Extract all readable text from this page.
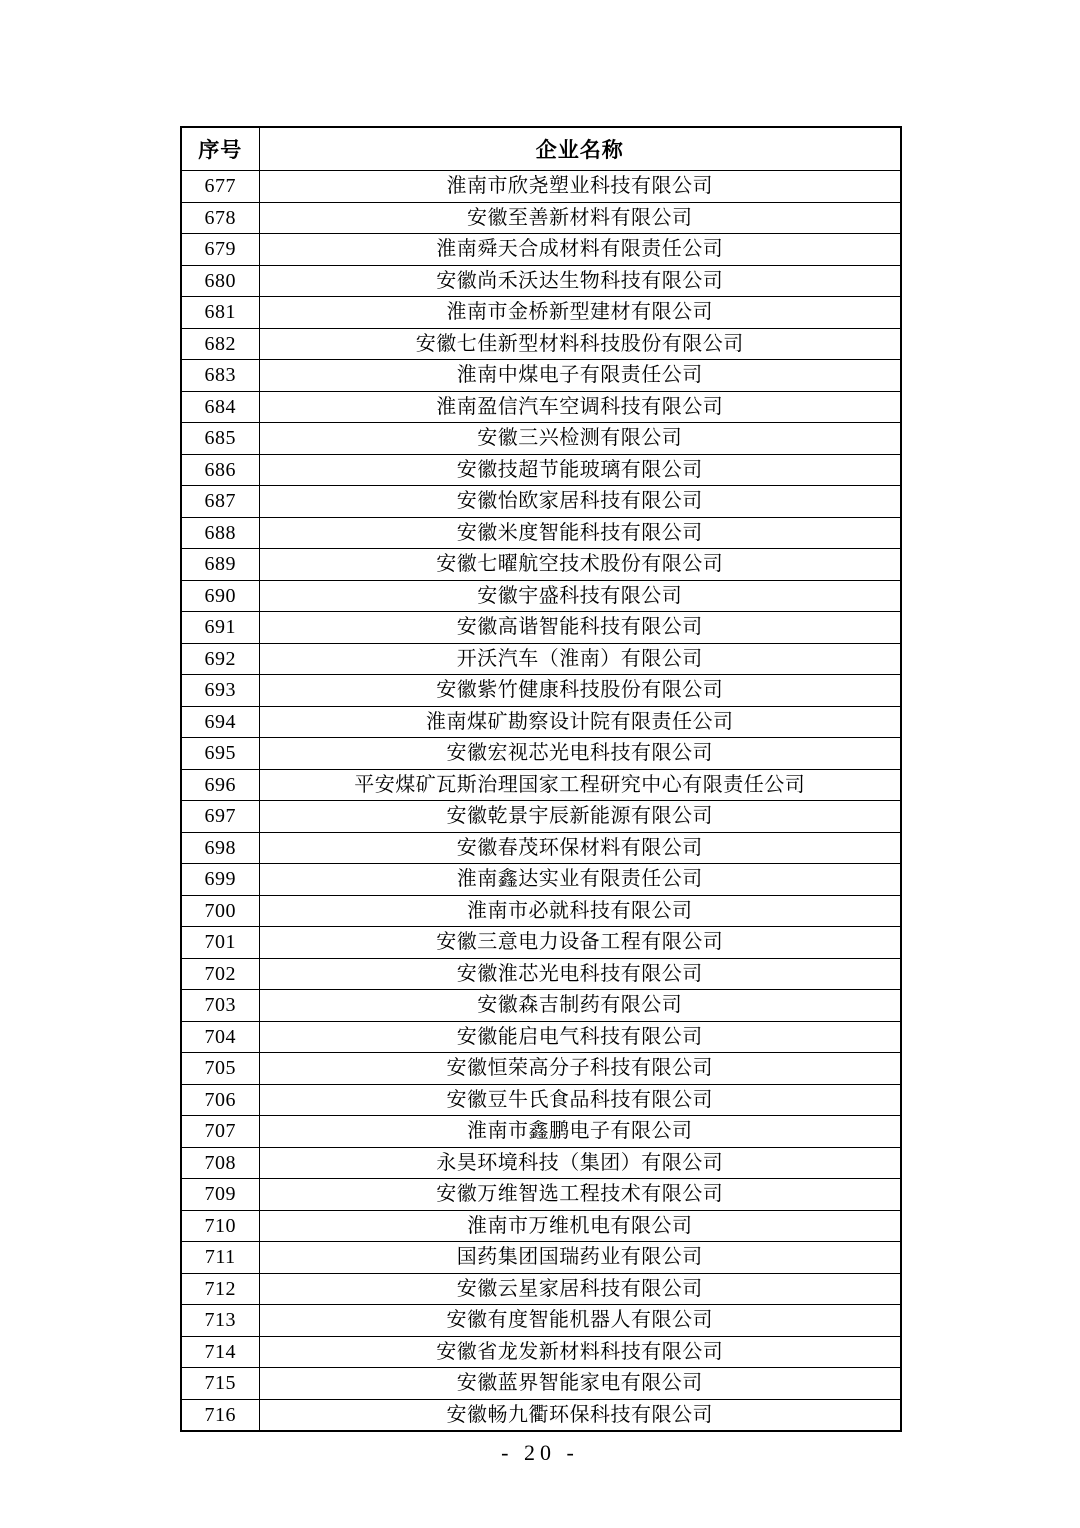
序号	企业名称
677	淮南市欣尧塑业科技有限公司
678	安徽至善新材料有限公司
679	淮南舜天合成材料有限责任公司
680	安徽尚禾沃达生物科技有限公司
681	淮南市金桥新型建材有限公司
682	安徽七佳新型材料科技股份有限公司
683	淮南中煤电子有限责任公司
684	淮南盈信汽车空调科技有限公司
685	安徽三兴检测有限公司
686	安徽技超节能玻璃有限公司
687	安徽怡欧家居科技有限公司
688	安徽米度智能科技有限公司
689	安徽七曜航空技术股份有限公司
690	安徽宇盛科技有限公司
691	安徽高谐智能科技有限公司
692	开沃汽车（淮南）有限公司
693	安徽紫竹健康科技股份有限公司
694	淮南煤矿勘察设计院有限责任公司
695	安徽宏视芯光电科技有限公司
696	平安煤矿瓦斯治理国家工程研究中心有限责任公司
697	安徽乾景宇辰新能源有限公司
698	安徽春茂环保材料有限公司
699	淮南鑫达实业有限责任公司
700	淮南市必就科技有限公司
701	安徽三意电力设备工程有限公司
702	安徽淮芯光电科技有限公司
703	安徽森吉制药有限公司
704	安徽能启电气科技有限公司
705	安徽恒荣高分子科技有限公司
706	安徽豆牛氏食品科技有限公司
707	淮南市鑫鹏电子有限公司
708	永昊环境科技（集团）有限公司
709	安徽万维智选工程技术有限公司
710	淮南市万维机电有限公司
711	国药集团国瑞药业有限公司
712	安徽云星家居科技有限公司
713	安徽有度智能机器人有限公司
714	安徽省龙发新材料科技有限公司
715	安徽蓝界智能家电有限公司
716	安徽畅九衢环保科技有限公司
- 20 -
